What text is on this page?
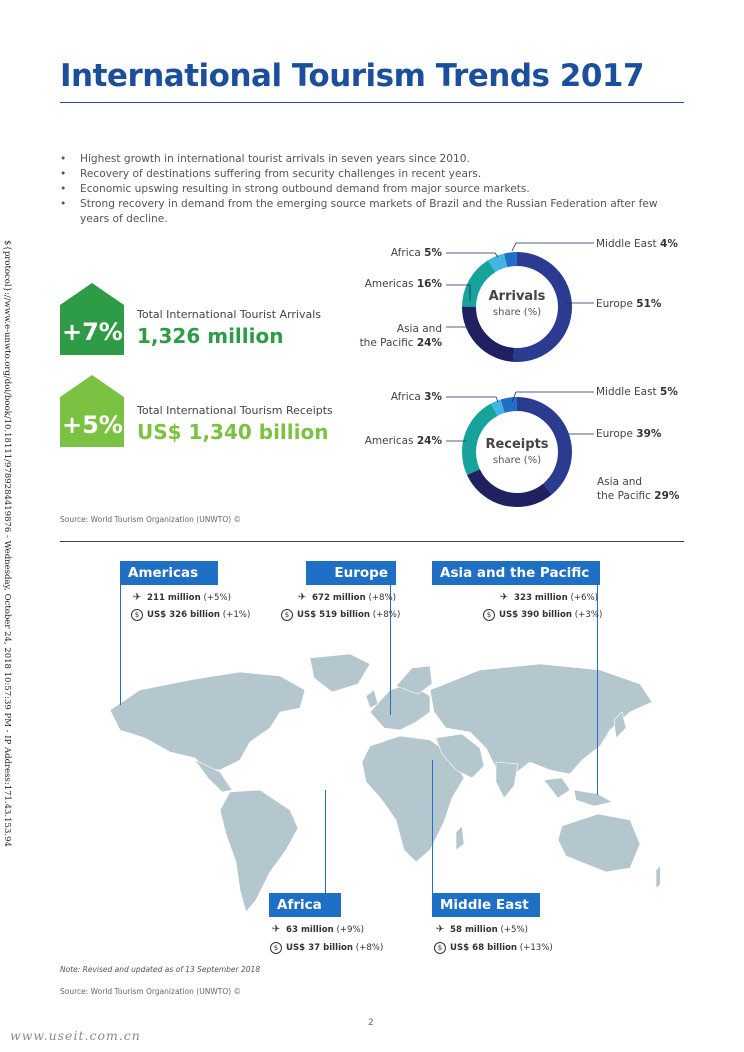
International Tourism Trends 2017
• Highest growth in international tourist arrivals in seven years since 2010.
• Recovery of destinations suffering from security challenges in recent years.
• Economic upswing resulting in strong outbound demand from major source markets.
• Strong recovery in demand from the emerging source markets of Brazil and the Russian Federation after few years of decline.
${protocol}://www.e-unwto.org/doi/book/10.18111/9789284419876 - Wednesday, October 24, 2018 10:57:39 PM - IP Address:171.43.153.94 +7%
Total International Tourist Arrivals
1,326 million
+5%
Total International Tourism Receipts
US$ 1,340 billion
Arrivals
share (%)
Africa 5%
Americas 16%
Asia and
the Pacific 24%
Middle East 4%
Europe 51%
Receipts
share (%)
Africa 3%
Americas 24%
Middle East 5%
Europe 39%
Asia and
the Pacific 29%
Source: World Tourism Organization (UNWTO) ©
Americas	Europe	Asia and the Pacific
Africa	Middle East
✈ 211 million (+5%)
$ US$ 326 billion (+1%)
✈ 672 million (+8%)
$ US$ 519 billion (+8%)
✈ 323 million (+6%)
$ US$ 390 billion (+3%)
✈ 63 million (+9%)
$ US$ 37 billion (+8%)
✈ 58 million (+5%)
$ US$ 68 billion (+13%)
Note: Revised and updated as of 13 September 2018
Source: World Tourism Organization (UNWTO) ©
2
www.useit.com.cn
